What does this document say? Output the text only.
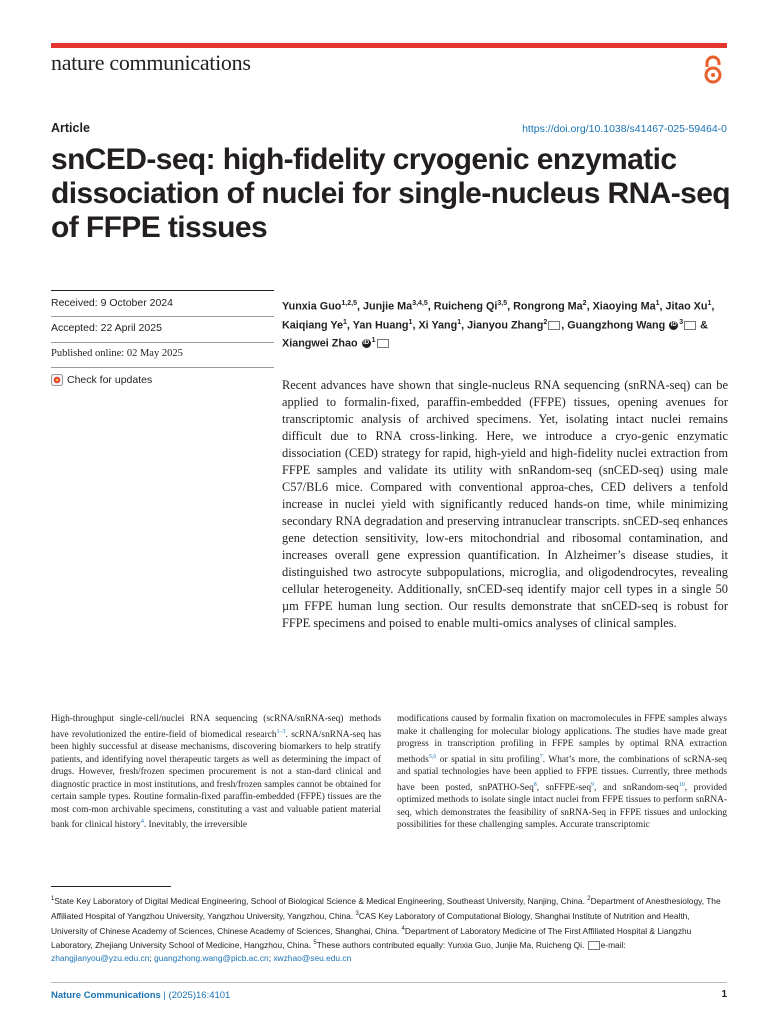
nature communications
Article	https://doi.org/10.1038/s41467-025-59464-0
snCED-seq: high-fidelity cryogenic enzymatic dissociation of nuclei for single-nucleus RNA-seq of FFPE tissues
Received: 9 October 2024
Accepted: 22 April 2025
Published online: 02 May 2025
Check for updates
Yunxia Guo$^{1,2,5}$, Junjie Ma$^{3,4,5}$, Ruicheng Qi$^{3,5}$, Rongrong Ma$^2$, Xiaoying Ma$^1$, Jitao Xu$^1$, Kaiqiang Ye$^1$, Yan Huang$^1$, Xi Yang$^1$, Jianyou Zhang$^2$ , Guangzhong Wang iD $^3$ & Xiangwei Zhao iD $^1$

Recent advances have shown that single-nucleus RNA sequencing (snRNA-seq) can be applied to formalin-fixed, paraffin-embedded (FFPE) tissues, opening avenues for transcriptomic analysis of archived specimens. Yet, isolating intact nuclei remains difficult due to RNA cross-linking. Here, we introduce a cryo-genic enzymatic dissociation (CED) strategy for rapid, high-yield and high-fidelity nuclei extraction from FFPE samples and validate its utility with snRandom-seq (snCED-seq) using male C57/BL6 mice. Compared with conventional approa-ches, CED delivers a tenfold increase in nuclei yield with significantly reduced hands-on time, while minimizing secondary RNA degradation and preserving intranuclear transcripts. snCED-seq enhances gene detection sensitivity, low-ers mitochondrial and ribosomal contamination, and increases overall gene expression quantification. In Alzheimer’s disease studies, it distinguished two astrocyte subpopulations, microglia, and oligodendrocytes, revealing cellular heterogeneity. Additionally, snCED-seq identify major cell types in a single 50 µm FFPE human lung section. Our results demonstrate that snCED-seq is robust for FFPE specimens and poised to enable multi-omics analyses of clinical samples.

High-throughput single-cell/nuclei RNA sequencing (scRNA/snRNA-seq) methods have revolutionized the entire-field of biomedical research$^{1-3}$. scRNA/snRNA-seq has been highly successful at disease mechanisms, discovering biomarkers to help stratify patients, and identifying novel therapeutic targets as well as determining the impact of drugs. However, fresh/frozen specimen procurement is not a stan-dard clinical and diagnostic practice in most institutions, and fresh/frozen samples cannot be obtained for certain sample types. Routine formalin-fixed paraffin-embedded (FFPE) tissues are the most com-mon archivable specimens, constituting a vast and valuable patient material bank for clinical history$^4$. Inevitably, the irreversible

modifications caused by formalin fixation on macromolecules in FFPE samples always make it challenging for molecular biology applications. The studies have made great progress in transcription profiling in FFPE samples by optimal RNA extraction methods$^{5,6}$ or spatial in situ profiling$^7$. What’s more, the combinations of scRNA-seq and spatial technologies have been applied to FFPE tissues. Currently, three methods have been posted, snPATHO-Seq$^8$, snFFPE-seq$^9$, and snRandom-seq$^{10}$, provided optimized methods to isolate single intact nuclei from FFPE tissues to perform snRNA-seq, which demonstrates the feasibility of snRNA-Seq in FFPE tissues and unlocking possibilities for these challenging samples. Accurate transcriptomic

$^1$State Key Laboratory of Digital Medical Engineering, School of Biological Science & Medical Engineering, Southeast University, Nanjing, China. $^2$Department of Anesthesiology, The Affiliated Hospital of Yangzhou University, Yangzhou University, Yangzhou, China. $^3$CAS Key Laboratory of Computational Biology, Shanghai Institute of Nutrition and Health, University of Chinese Academy of Sciences, Chinese Academy of Sciences, Shanghai, China. $^4$Department of Laboratory Medicine of The First Affiliated Hospital & Liangzhu Laboratory, Zhejiang University School of Medicine, Hangzhou, China. $^5$These authors contributed equally: Yunxia Guo, Junjie Ma, Ruicheng Qi. e-mail: zhangjianyou@yzu.edu.cn; guangzhong.wang@picb.ac.cn; xwzhao@seu.edu.cn

Nature Communications | (2025)16:4101	1
